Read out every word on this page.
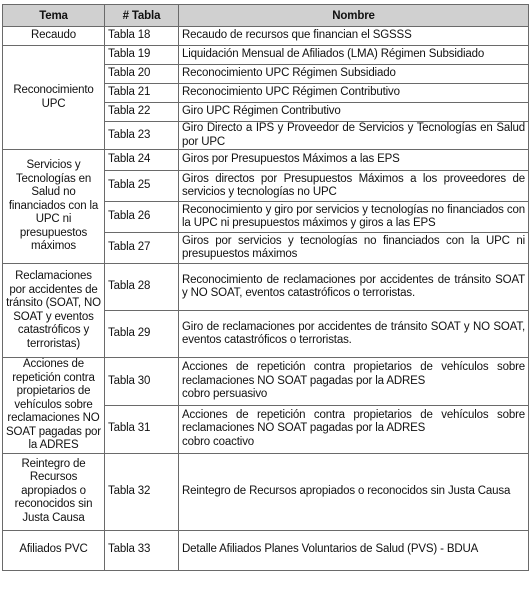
Tema	# Tabla	Nombre
Recaudo	Tabla 18	Recaudo de recursos que financian el SGSSS

Reconocimiento UPC	Tabla 19	Liquidación Mensual de Afiliados (LMA) Régimen Subsidiado

	Tabla 20	Reconocimiento UPC Régimen Subsidiado

	Tabla 21	Reconocimiento UPC Régimen Contributivo

	Tabla 22	Giro UPC Régimen Contributivo

	Tabla 23	Giro Directo a IPS y Proveedor de Servicios y Tecnologías en Salud por UPC

Servicios y Tecnologías en Salud no financiados con la UPC ni presupuestos máximos	Tabla 24	Giros por Presupuestos Máximos a las EPS

	Tabla 25	Giros directos por Presupuestos Máximos a los proveedores de servicios y tecnologías no UPC

	Tabla 26	Reconocimiento y giro por servicios y tecnologías no financiados con la UPC ni presupuestos máximos y giros a las EPS

	Tabla 27	Giros por servicios y tecnologías no financiados con la UPC ni presupuestos máximos

Reclamaciones por accidentes de tránsito (SOAT, NO SOAT y eventos catastróficos y terroristas)	Tabla 28	Reconocimiento de reclamaciones por accidentes de tránsito SOAT y NO SOAT, eventos catastróficos o terroristas.

	Tabla 29	Giro de reclamaciones por accidentes de tránsito SOAT y NO SOAT, eventos catastróficos o terroristas.

Acciones de repetición contra propietarios de vehículos sobre reclamaciones NO SOAT pagadas por la ADRES	Tabla 30	Acciones de repetición contra propietarios de vehículos sobre reclamaciones NO SOAT pagadas por la ADRES
cobro persuasivo

	Tabla 31	Acciones de repetición contra propietarios de vehículos sobre reclamaciones NO SOAT pagadas por la ADRES
cobro coactivo

Reintegro de Recursos apropiados o reconocidos sin Justa Causa	Tabla 32	Reintegro de Recursos apropiados o reconocidos sin Justa Causa

Afiliados PVC	Tabla 33	Detalle Afiliados Planes Voluntarios de Salud (PVS) - BDUA
